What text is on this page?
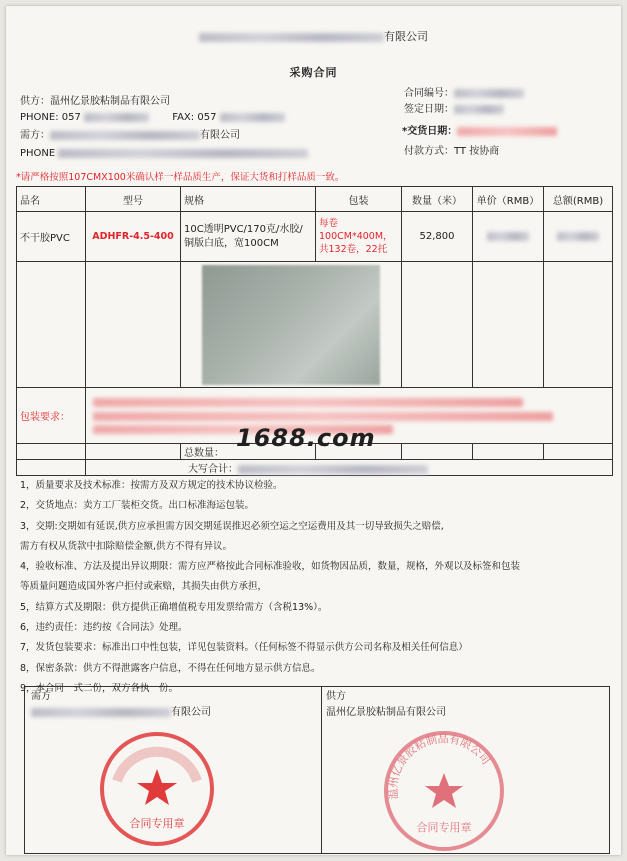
有限公司
采购合同
供方：温州亿景胶粘制品有限公司
PHONE: 057	FAX: 057
需方：	有限公司
PHONE
合同编号：
签定日期：
*交货日期：
付款方式：TT 按协商
*请严格按照107CMX100米确认样一样品质生产，保证大货和打样品质一致。
品名	型号	规格	包装	数量（米）	单价（RMB）	总额(RMB)
不干胶PVC	ADHFR-4.5-400	10C透明PVC/170克/水胶/铜版白底，宽100CM	每卷100CM*400M，共132卷，22托	52,800		

包装要求：						

		总数量：				
	大写合计：					
1688.com
1，质量要求及技术标准：按需方及双方规定的技术协议检验。
2，交货地点：卖方工厂装柜交货。出口标准海运包装。
3，交期:交期如有延误,供方应承担需方因交期延误推迟必须空运之空运费用及其一切导致损失之赔偿,
需方有权从货款中扣除赔偿金额,供方不得有异议。
4，验收标准、方法及提出异议期限：需方应严格按此合同标准验收，如货物因品质，数量，规格，外观以及标签和包装
等质量问题造成国外客户拒付或索赔，其损失由供方承担，
5，结算方式及期限：供方提供正确增值税专用发票给需方（含税13%）。
6，违约责任：违约按《合同法》处理。
7，发货包装要求：标准出口中性包装，详见包装资料。（任何标签不得显示供方公司名称及相关任何信息）
8，保密条款：供方不得泄露客户信息，不得在任何地方显示供方信息。
9，本合同一式二份，双方各执一份。
需方
有限公司
合同专用章
供方
温州亿景胶粘制品有限公司
温州亿景胶粘制品有限公司
合同专用章
